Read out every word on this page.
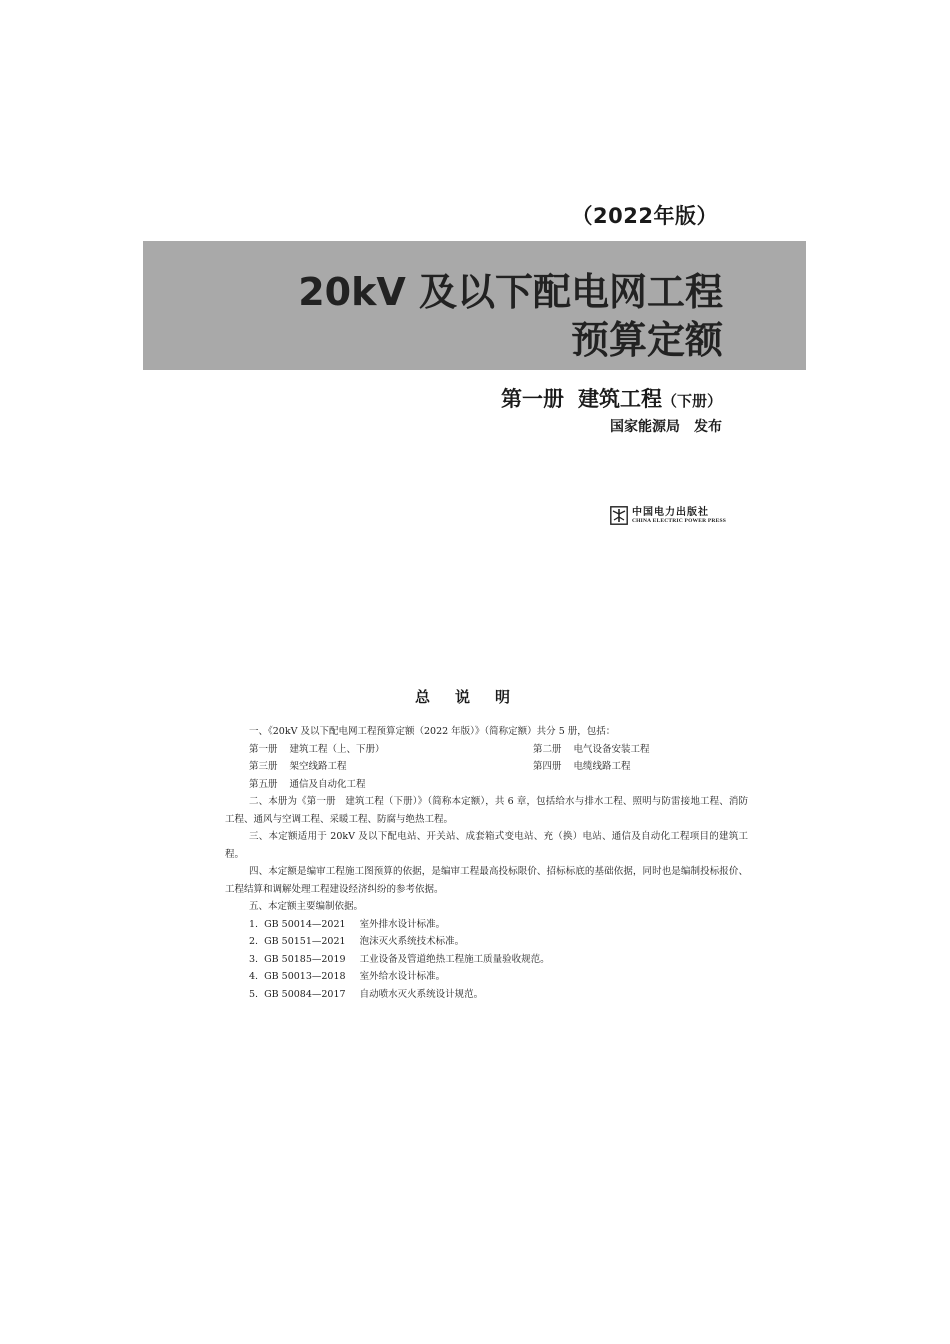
（2022年版）
20kV 及以下配电网工程
预算定额
第一册 建筑工程（下册）
国家能源局 发布
中国电力出版社
CHINA ELECTRIC POWER PRESS
总说明

一、《20kV 及以下配电网工程预算定额（2022 年版）》（简称定额）共分 5 册，包括：

第一册 建筑工程（上、下册）	第二册 电气设备安装工程
第三册 架空线路工程	第四册 电缆线路工程
第五册 通信及自动化工程

二、本册为《第一册　建筑工程（下册）》（简称本定额），共 6 章，包括给水与排水工程、照明与防雷接地工程、消防工程、通风与空调工程、采暖工程、防腐与绝热工程。

三、本定额适用于 20kV 及以下配电站、开关站、成套箱式变电站、充（换）电站、通信及自动化工程项目的建筑工程。

四、本定额是编审工程施工图预算的依据，是编审工程最高投标限价、招标标底的基础依据，同时也是编制投标报价、工程结算和调解处理工程建设经济纠纷的参考依据。

五、本定额主要编制依据。

1. GB 50014—2021 室外排水设计标准。
2. GB 50151—2021 泡沫灭火系统技术标准。
3. GB 50185—2019 工业设备及管道绝热工程施工质量验收规范。
4. GB 50013—2018 室外给水设计标准。
5. GB 50084—2017 自动喷水灭火系统设计规范。
